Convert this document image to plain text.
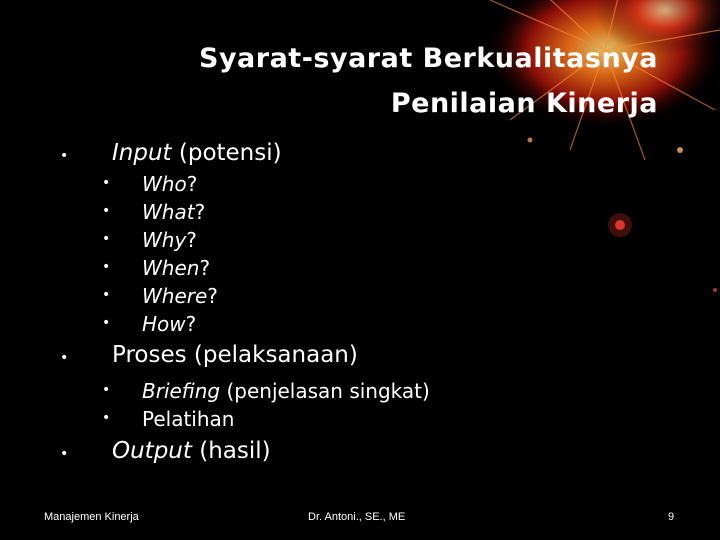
Syarat-syarat Berkualitasnya
Penilaian Kinerja
• Input (potensi)
• Who?
• What?
• Why?
• When?
• Where?
• How?
• Proses (pelaksanaan)
• Briefing (penjelasan singkat)
• Pelatihan
• Output (hasil)
Manajemen Kinerja	Dr. Antoni., SE., ME	9
